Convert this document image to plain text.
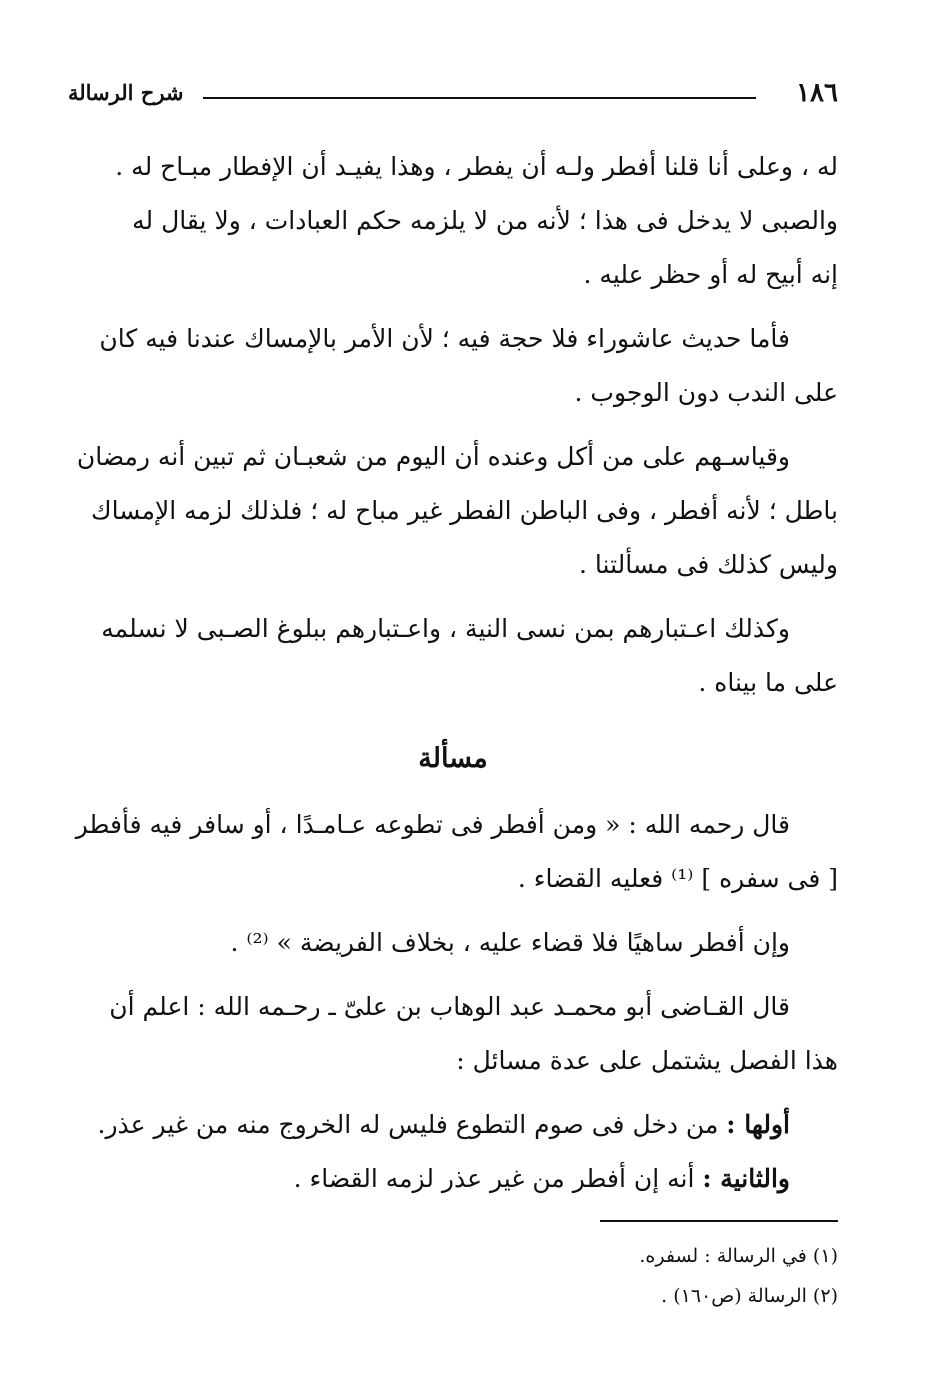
١٨٦
شرح الرسالة

له ، وعلى أنا قلنا أفطر ولـه أن يفطر ، وهذا يفيـد أن الإفطار مبـاح له .
والصبى لا يدخل فى هذا ؛ لأنه من لا يلزمه حكم العبادات ، ولا يقال له
إنه أبيح له أو حظر عليه .

فأما حديث عاشوراء فلا حجة فيه ؛ لأن الأمر بالإمساك عندنا فيه كان
على الندب دون الوجوب .

وقياسـهم على من أكل وعنده أن اليوم من شعبـان ثم تبين أنه رمضان
باطل ؛ لأنه أفطر ، وفى الباطن الفطر غير مباح له ؛ فلذلك لزمه الإمساك
وليس كذلك فى مسألتنا .

وكذلك اعـتبارهم بمن نسى النية ، واعـتبارهم ببلوغ الصـبى لا نسلمه
على ما بيناه .

مسألة

قال رحمه الله : « ومن أفطر فى تطوعه عـامـدًا ، أو سافر فيه فأفطر
[ فى سفره ] ⁽¹⁾ فعليه القضاء .

وإن أفطر ساهيًا فلا قضاء عليه ، بخلاف الفريضة » ⁽²⁾ .

قال القـاضى أبو محمـد عبد الوهاب بن علىّ ـ رحـمه الله : اعلم أن
هذا الفصل يشتمل على عدة مسائل :

أولها : من دخل فى صوم التطوع فليس له الخروج منه من غير عذر.
والثانية : أنه إن أفطر من غير عذر لزمه القضاء .

(١) في الرسالة : لسفره.
(٢) الرسالة (ص١٦٠) .
